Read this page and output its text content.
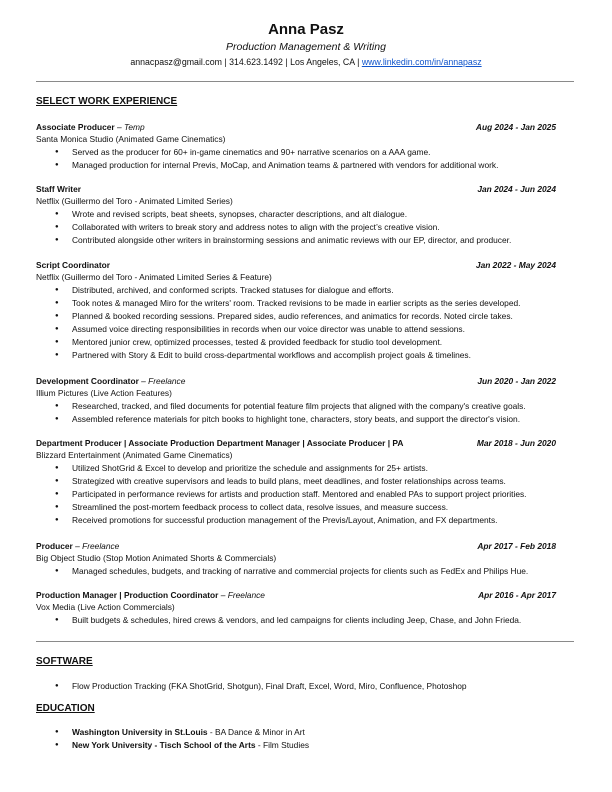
Anna Pasz
Production Management & Writing
annacpasz@gmail.com | 314.623.1492 | Los Angeles, CA | www.linkedin.com/in/annapasz
SELECT WORK EXPERIENCE
Associate Producer – Temp	Aug 2024 - Jan 2025
Santa Monica Studio (Animated Game Cinematics)
● Served as the producer for 60+ in-game cinematics and 90+ narrative scenarios on a AAA game.
● Managed production for internal Previs, MoCap, and Animation teams & partnered with vendors for additional work.
Staff Writer	Jan 2024 - Jun 2024
Netflix (Guillermo del Toro - Animated Limited Series)
● Wrote and revised scripts, beat sheets, synopses, character descriptions, and alt dialogue.
● Collaborated with writers to break story and address notes to align with the project’s creative vision.
● Contributed alongside other writers in brainstorming sessions and animatic reviews with our EP, director, and producer.
Script Coordinator	Jan 2022 - May 2024
Netflix (Guillermo del Toro - Animated Limited Series & Feature)
● Distributed, archived, and conformed scripts. Tracked statuses for dialogue and efforts.
● Took notes & managed Miro for the writers' room. Tracked revisions to be made in earlier scripts as the series developed.
● Planned & booked recording sessions. Prepared sides, audio references, and animatics for records. Noted circle takes.
● Assumed voice directing responsibilities in records when our voice director was unable to attend sessions.
● Mentored junior crew, optimized processes, tested & provided feedback for studio tool development.
● Partnered with Story & Edit to build cross-departmental workflows and accomplish project goals & timelines.
Development Coordinator – Freelance	Jun 2020 - Jan 2022
Illium Pictures (Live Action Features)
● Researched, tracked, and filed documents for potential feature film projects that aligned with the company's creative goals.
● Assembled reference materials for pitch books to highlight tone, characters, story beats, and support the director's vision.
Department Producer | Associate Production Department Manager | Associate Producer | PA	Mar 2018 - Jun 2020
Blizzard Entertainment (Animated Game Cinematics)
● Utilized ShotGrid & Excel to develop and prioritize the schedule and assignments for 25+ artists.
● Strategized with creative supervisors and leads to build plans, meet deadlines, and foster relationships across teams.
● Participated in performance reviews for artists and production staff. Mentored and enabled PAs to support project priorities.
● Streamlined the post-mortem feedback process to collect data, resolve issues, and measure success.
● Received promotions for successful production management of the Previs/Layout, Animation, and FX departments.
Producer – Freelance	Apr 2017 - Feb 2018
Big Object Studio (Stop Motion Animated Shorts & Commercials)
● Managed schedules, budgets, and tracking of narrative and commercial projects for clients such as FedEx and Philips Hue.
Production Manager | Production Coordinator – Freelance	Apr 2016 - Apr 2017
Vox Media (Live Action Commercials)
● Built budgets & schedules, hired crews & vendors, and led campaigns for clients including Jeep, Chase, and John Frieda.
SOFTWARE
● Flow Production Tracking (FKA ShotGrid, Shotgun), Final Draft, Excel, Word, Miro, Confluence, Photoshop
EDUCATION
● Washington University in St.Louis - BA Dance & Minor in Art
● New York University - Tisch School of the Arts - Film Studies
